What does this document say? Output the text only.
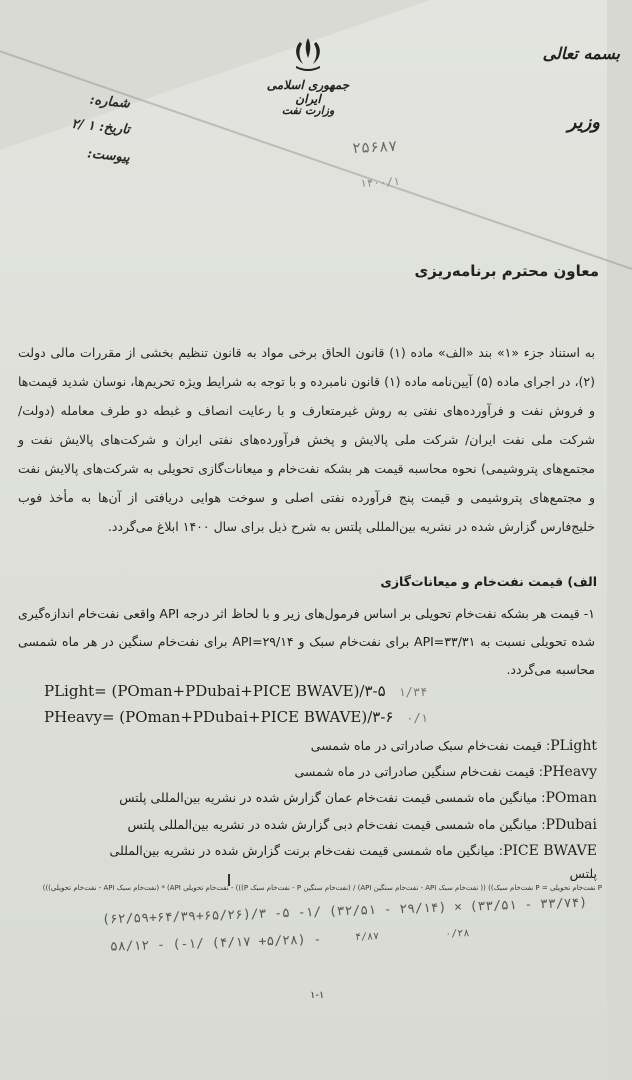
جمهوری اسلامی ایران
وزارت نفت
بسمه تعالی
وزیر
شماره:
تاریخ: ۱ /۲
پیوست:	۲۵۶۸۷
۱۴۰۰/۱
معاون محترم برنامه‌ریزی
به استناد جزء «۱» بند «الف» ماده (۱) قانون الحاق برخی مواد به قانون تنظیم بخشی از مقررات مالی دولت (۲)، در اجرای ماده (۵) آیین‌نامه ماده (۱) قانون نامبرده و با توجه به شرایط ویژه تحریم‌ها، نوسان شدید قیمت‌ها و فروش نفت و فرآورده‌های نفتی به روش غیرمتعارف و با رعایت انصاف و غبطه دو طرف معامله (دولت/ شرکت ملی نفت ایران/ شرکت ملی پالایش و پخش فرآورده‌های نفتی ایران و شرکت‌های پالایش نفت و مجتمع‌های پتروشیمی) نحوه محاسبه قیمت هر بشکه نفت‌خام و میعانات‌گازی تحویلی به شرکت‌های پالایش نفت و مجتمع‌های پتروشیمی و قیمت پنج فرآورده نفتی اصلی و سوخت هوایی دریافتی از آن‌ها به مأخذ فوب خلیج‌فارس گزارش شده در نشریه بین‌المللی پلتس به شرح ذیل برای سال ۱۴۰۰ ابلاغ می‌گردد.
الف) قیمت نفت‌خام و میعانات‌گازی
۱- قیمت هر بشکه نفت‌خام تحویلی بر اساس فرمول‌های زیر و با لحاظ اثر درجه API واقعی نفت‌خام اندازه‌گیری شده تحویلی نسبت به API=۳۳/۳۱ برای نفت‌خام سبک و API=۲۹/۱۴ برای نفت‌خام سنگین در هر ماه شمسی محاسبه می‌گردد.
PLight= (POman+PDubai+PICE BWAVE)/۳-۵ ۱/۳۴
PHeavy= (POman+PDubai+PICE BWAVE)/۳-۶ ۰/۱
PLight: قیمت نفت‌خام سبک صادراتی در ماه شمسی
PHeavy: قیمت نفت‌خام سنگین صادراتی در ماه شمسی
POman: میانگین ماه شمسی قیمت نفت‌خام عمان گزارش شده در نشریه بین‌المللی پلتس
PDubai: میانگین ماه شمسی قیمت نفت‌خام دبی گزارش شده در نشریه بین‌المللی پلتس
PICE BWAVE: میانگین ماه شمسی قیمت نفت‌خام برنت گزارش شده در نشریه بین‌المللی
پلتس
P نفت‌خام تحویلی = P نفت‌خام سبک)) (( نفت‌خام سبک API - نفت‌خام سنگین API) / (نفت‌خام سنگین P - نفت‌خام سبک P))) - نفت‌خام تحویلی API) * (نفت‌خام سبک API - نفت‌خام تحویلی)))
(۶۲/۵۹+۶۴/۳۹+۶۵/۲۶)/۳ -۵ -۱/ (۳۲/۵۱ - ۲۹/۱۴) × (۳۳/۵۱ - ۳۳/۷۴)
۴/۸۷	۰/۲۸
۵۸/۱۲ - (-۱/ (۴/۱۷ +۵/۲۸) -
۱-۱
